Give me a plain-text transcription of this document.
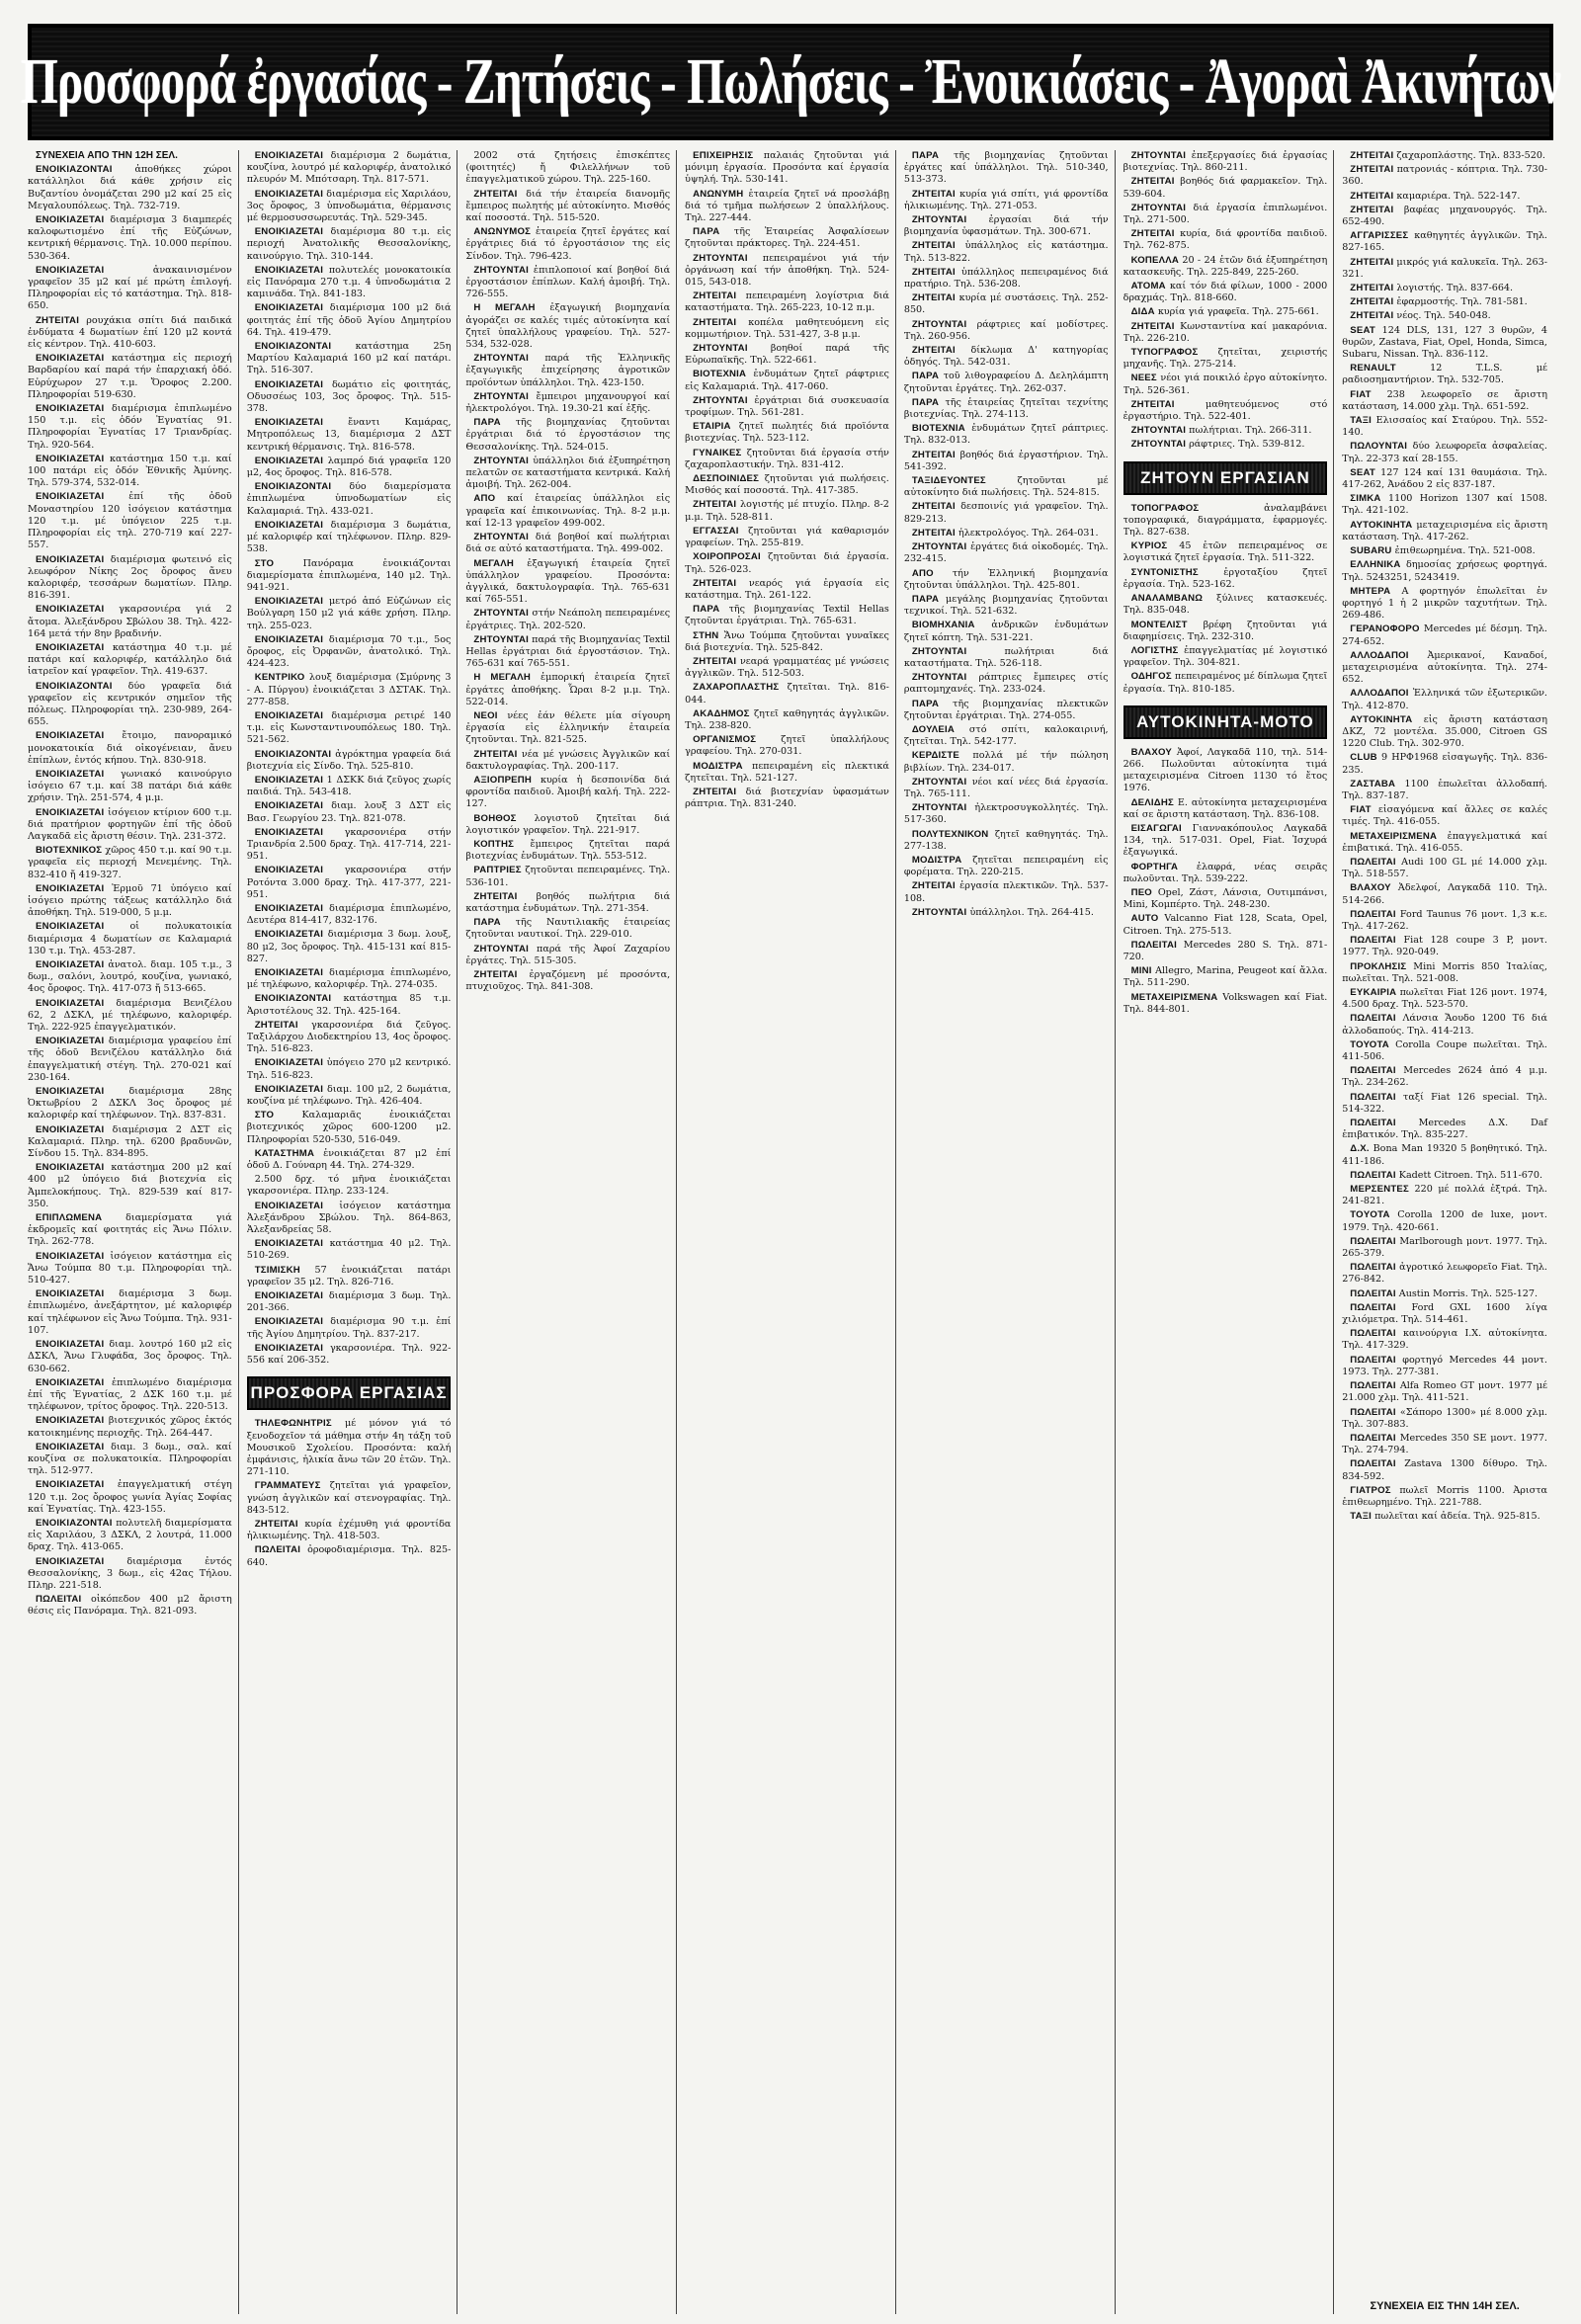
Προσφορά ἐργασίας - Ζητήσεις - Πωλήσεις - Ἐνοικιάσεις - Ἀγοραὶ Ἀκινήτων

ΣΥΝΕΧΕΙΑ ΑΠΟ ΤΗΝ 12Η ΣΕΛ.

ΕΝΟΙΚΙΑΖΟΝΤΑΙ ἀποθήκες χώροι κατάλληλοι διά κάθε χρήσιν εἰς Βυζαντίου ὀνομάζεται 290 μ2 καί 25 εἰς Μεγαλουπόλεως. Τηλ. 732-719.

ΕΝΟΙΚΙΑΖΕΤΑΙ διαμέρισμα 3 διαμπερές καλοφωτισμένο ἐπί τῆς Εὐζώνων, κεντρική θέρμανσις. Τηλ. 10.000 περίπου. 530-364.

ΕΝΟΙΚΙΑΖΕΤΑΙ	ἀνακαινισμένον γραφεῖον 35 μ2 καί μέ πρώτη ἐπιλογή. Πληροφορίαι εἰς τό κατάστημα. Τηλ. 818-650.

ΖΗΤΕΙΤΑΙ ρουχάκια σπίτι διά παιδικά ἐνδύματα 4 δωματίων ἐπί 120 μ2 κοντά εἰς κέντρον. Τηλ. 410-603.

ΕΝΟΙΚΙΑΖΕΤΑΙ κατάστημα εἰς περιοχή Βαρδαρίου καί παρά τήν ἐπαρχιακή ὁδό. Εὐρύχωρον 27 τ.μ. Ὄροφος 2.200. Πληροφορίαι 519-630.

ΕΝΟΙΚΙΑΖΕΤΑΙ διαμέρισμα ἐπιπλωμένο 150 τ.μ. εἰς ὁδόν Ἐγνατίας 91. Πληροφορίαι Ἐγνατίας 17 Τριανδρίας. Τηλ. 920-564.

ΕΝΟΙΚΙΑΖΕΤΑΙ κατάστημα 150 τ.μ. καί 100 πατάρι εἰς ὁδόν Ἐθνικῆς Ἀμύνης. Τηλ. 579-374, 532-014.

ΕΝΟΙΚΙΑΖΕΤΑΙ	ἐπί τῆς ὁδοῦ Μοναστηρίου 120 ἰσόγειον κατάστημα 120 τ.μ. μέ ὑπόγειον 225 τ.μ. Πληροφορίαι εἰς τηλ. 270-719 καί 227-557.

ΕΝΟΙΚΙΑΖΕΤΑΙ διαμέρισμα φωτεινό εἰς λεωφόρον Νίκης 2ος ὄροφος ἄνευ καλοριφέρ, τεσσάρων δωματίων. Πληρ. 816-391.

ΕΝΟΙΚΙΑΖΕΤΑΙ γκαρσονιέρα γιά 2 ἄτομα. Ἀλεξάνδρου Σβώλου 38. Τηλ. 422-164 μετά τήν 8ην βραδινήν.

ΕΝΟΙΚΙΑΖΕΤΑΙ κατάστημα 40 τ.μ. μέ πατάρι καί καλοριφέρ, κατάλληλο διά ἰατρεῖον καί γραφεῖον. Τηλ. 419-637.

ΕΝΟΙΚΙΑΖΟΝΤΑΙ δύο γραφεῖα διά γραφεῖον εἰς κεντρικόν σημεῖον τῆς πόλεως. Πληροφορίαι τηλ. 230-989, 264-655.

ΕΝΟΙΚΙΑΖΕΤΑΙ ἔτοιμο, πανοραμικό μονοκατοικία διά οἰκογένειαν, ἄνευ ἐπίπλων, ἐντός κήπου. Τηλ. 830-918.

ΕΝΟΙΚΙΑΖΕΤΑΙ γωνιακό καινούργιο ἰσόγειο 67 τ.μ. καί 38 πατάρι διά κάθε χρήσιν. Τηλ. 251-574, 4 μ.μ.

ΕΝΟΙΚΙΑΖΕΤΑΙ ἰσόγειον κτίριον 600 τ.μ. διά πρατήριον φορτηγῶν ἐπί τῆς ὁδοῦ Λαγκαδᾶ εἰς ἄριστη θέσιν. Τηλ. 231-372.

ΒΙΟΤΕΧΝΙΚΟΣ χῶρος 450 τ.μ. καί 90 τ.μ. γραφεῖα εἰς περιοχή Μενεμένης. Τηλ. 832-410 ἤ 419-327.

ΕΝΟΙΚΙΑΖΕΤΑΙ Ἐρμοῦ 71 ὑπόγειο καί ἰσόγειο πρώτης τάξεως κατάλληλο διά ἀποθήκη. Τηλ. 519-000, 5 μ.μ.

ΕΝΟΙΚΙΑΖΕΤΑΙ	οἱ πολυκατοικία διαμέρισμα 4 δωματίων σε Καλαμαριά 130 τ.μ. Τηλ. 453-287.

ΕΝΟΙΚΙΑΖΕΤΑΙ ἀνατολ. διαμ. 105 τ.μ., 3 δωμ., σαλόνι, λουτρό, κουζίνα, γωνιακό, 4ος ὄροφος. Τηλ. 417-073 ἤ 513-665.

ΕΝΟΙΚΙΑΖΕΤΑΙ διαμέρισμα Βενιζέλου 62, 2 ΔΣΚΛ, μέ τηλέφωνο, καλοριφέρ. Τηλ. 222-925 ἐπαγγελματικόν.

ΕΝΟΙΚΙΑΖΕΤΑΙ διαμέρισμα γραφείου ἐπί τῆς ὁδοῦ Βενιζέλου κατάλληλο διά ἐπαγγελματική στέγη. Τηλ. 270-021 καί 230-164.

ΕΝΟΙΚΙΑΖΕΤΑΙ	διαμέρισμα 28ης Ὀκτωβρίου 2 ΔΣΚΛ 3ος ὄροφος μέ καλοριφέρ καί τηλέφωνον. Τηλ. 837-831.

ΕΝΟΙΚΙΑΖΕΤΑΙ διαμέρισμα 2 ΔΣΤ εἰς Καλαμαριά. Πληρ. τηλ. 6200 βραδυνῶν, Σίνδου 15. Τηλ. 834-895.

ΕΝΟΙΚΙΑΖΕΤΑΙ κατάστημα 200 μ2 καί 400 μ2 ὑπόγειο διά βιοτεχνία εἰς Ἀμπελοκήπους. Τηλ. 829-539 καί 817-350.

ΕΠΙΠΛΩΜΕΝΑ διαμερίσματα γιά ἐκδρομεῖς καί φοιτητάς εἰς Ἄνω Πόλιν. Τηλ. 262-778.

ΕΝΟΙΚΙΑΖΕΤΑΙ ἰσόγειον κατάστημα εἰς Ἄνω Τούμπα 80 τ.μ. Πληροφορίαι τηλ. 510-427.

ΕΝΟΙΚΙΑΖΕΤΑΙ διαμέρισμα 3 δωμ. ἐπιπλωμένο, ἀνεξάρτητον, μέ καλοριφέρ καί τηλέφωνον εἰς Ἄνω Τούμπα. Τηλ. 931-107.

ΕΝΟΙΚΙΑΖΕΤΑΙ διαμ. λουτρό 160 μ2 εἰς ΔΣΚΛ, Ἄνω Γλυφάδα, 3ος ὄροφος. Τηλ. 630-662.

ΕΝΟΙΚΙΑΖΕΤΑΙ ἐπιπλωμένο διαμέρισμα ἐπί τῆς Ἐγνατίας, 2 ΔΣΚ 160 τ.μ. μέ τηλέφωνον, τρίτος ὄροφος. Τηλ. 220-513.

ΕΝΟΙΚΙΑΖΕΤΑΙ βιοτεχνικός χῶρος ἐκτός κατοικημένης περιοχῆς. Τηλ. 264-447.

ΕΝΟΙΚΙΑΖΕΤΑΙ διαμ. 3 δωμ., σαλ. καί κουζίνα σε πολυκατοικία. Πληροφορίαι τηλ. 512-977.

ΕΝΟΙΚΙΑΖΕΤΑΙ ἐπαγγελματική στέγη 120 τ.μ. 2ος ὄροφος γωνία Ἀγίας Σοφίας καί Ἐγνατίας. Τηλ. 423-155.

ΕΝΟΙΚΙΑΖΟΝΤΑΙ πολυτελῆ διαμερίσματα εἰς Χαριλάου, 3 ΔΣΚΛ, 2 λουτρά, 11.000 δραχ. Τηλ. 413-065.

ΕΝΟΙΚΙΑΖΕΤΑΙ διαμέρισμα ἐντός Θεσσαλονίκης, 3 δωμ., εἰς 42ας Τήλου. Πληρ. 221-518.

ΠΩΛΕΙΤΑΙ οἰκόπεδον 400 μ2 ἄριστη θέσις εἰς Πανόραμα. Τηλ. 821-093.

ΕΝΟΙΚΙΑΖΕΤΑΙ διαμέρισμα 2 δωμάτια, κουζίνα, λουτρό μέ καλοριφέρ, ἀνατολικό πλευρόν Μ. Μπότσαρη. Τηλ. 817-571.

ΕΝΟΙΚΙΑΖΕΤΑΙ διαμέρισμα εἰς Χαριλάου, 3ος ὄροφος, 3 ὑπνοδωμάτια, θέρμανσις μέ θερμοσυσσωρευτάς. Τηλ. 529-345.

ΕΝΟΙΚΙΑΖΕΤΑΙ διαμέρισμα 80 τ.μ. εἰς περιοχή Ἀνατολικῆς Θεσσαλονίκης, καινούργιο. Τηλ. 310-144.

ΕΝΟΙΚΙΑΖΕΤΑΙ πολυτελές μονοκατοικία εἰς Πανόραμα 270 τ.μ. 4 ὑπνοδωμάτια 2 καμινάδα. Τηλ. 841-183.

ΕΝΟΙΚΙΑΖΕΤΑΙ διαμέρισμα 100 μ2 διά φοιτητάς ἐπί τῆς ὁδοῦ Ἀγίου Δημητρίου 64. Τηλ. 419-479.

ΕΝΟΙΚΙΑΖΟΝΤΑΙ	κατάστημα 25η Μαρτίου Καλαμαριά 160 μ2 καί πατάρι. Τηλ. 516-307.

ΕΝΟΙΚΙΑΖΕΤΑΙ δωμάτιο εἰς φοιτητάς, Οδυσσέως 103, 3ος ὄροφος. Τηλ. 515-378.

ΕΝΟΙΚΙΑΖΕΤΑΙ	ἔναντι Καμάρας, Μητροπόλεως 13, διαμέρισμα 2 ΔΣΤ κεντρική θέρμανσις. Τηλ. 816-578.

ΕΝΟΙΚΙΑΖΕΤΑΙ λαμπρό διά γραφεῖα 120 μ2, 4ος ὄροφος. Τηλ. 816-578.

ΕΝΟΙΚΙΑΖΟΝΤΑΙ δύο διαμερίσματα ἐπιπλωμένα ὑπνοδωματίων εἰς Καλαμαριά. Τηλ. 433-021.

ΕΝΟΙΚΙΑΖΕΤΑΙ διαμέρισμα 3 δωμάτια, μέ καλοριφέρ καί τηλέφωνον. Πληρ. 829-538.

ΣΤΟ	Πανόραμα ἐνοικιάζονται διαμερίσματα ἐπιπλωμένα, 140 μ2. Τηλ. 941-921.

ΕΝΟΙΚΙΑΖΕΤΑΙ μετρό ἀπό Εὐζώνων εἰς Βούλγαρη 150 μ2 γιά κάθε χρήση. Πληρ. τηλ. 255-023.

ΕΝΟΙΚΙΑΖΕΤΑΙ διαμέρισμα 70 τ.μ., 5ος ὄροφος, εἰς Ὀρφανῶν, ἀνατολικό. Τηλ. 424-423.

ΚΕΝΤΡΙΚΟ λουξ διαμέρισμα (Σμύρνης 3 - Α. Πύργου) ἐνοικιάζεται 3 ΔΣΤΑΚ. Τηλ. 277-858.

ΕΝΟΙΚΙΑΖΕΤΑΙ διαμέρισμα ρετιρέ 140 τ.μ. εἰς Κωνσταντινουπόλεως 180. Τηλ. 521-562.

ΕΝΟΙΚΙΑΖΟΝΤΑΙ ἀγρόκτημα γραφεία διά βιοτεχνία εἰς Σίνδο. Τηλ. 525-810.

ΕΝΟΙΚΙΑΖΕΤΑΙ 1 ΔΣΚΚ διά ζεῦγος χωρίς παιδιά. Τηλ. 543-418.

ΕΝΟΙΚΙΑΖΕΤΑΙ διαμ. λουξ 3 ΔΣΤ εἰς Βασ. Γεωργίου 23. Τηλ. 821-078.

ΕΝΟΙΚΙΑΖΕΤΑΙ γκαρσονιέρα στήν Τριανδρία 2.500 δραχ. Τηλ. 417-714, 221-951.

ΕΝΟΙΚΙΑΖΕΤΑΙ γκαρσονιέρα στήν Ροτόντα 3.000 δραχ. Τηλ. 417-377, 221-951.

ΕΝΟΙΚΙΑΖΕΤΑΙ διαμέρισμα ἐπιπλωμένο, Δευτέρα 814-417, 832-176.

ΕΝΟΙΚΙΑΖΕΤΑΙ διαμέρισμα 3 δωμ. λουξ, 80 μ2, 3ος ὄροφος. Τηλ. 415-131 καί 815-827.

ΕΝΟΙΚΙΑΖΕΤΑΙ διαμέρισμα ἐπιπλωμένο, μέ τηλέφωνο, καλοριφέρ. Τηλ. 274-035.

ΕΝΟΙΚΙΑΖΟΝΤΑΙ κατάστημα 85 τ.μ. Ἀριστοτέλους 32. Τηλ. 425-164.

ΖΗΤΕΙΤΑΙ γκαρσονιέρα διά ζεῦγος. Ταξιλάρχου Διοδεκτηρίου 13, 4ος ὄροφος. Τηλ. 516-823.

ΕΝΟΙΚΙΑΖΕΤΑΙ ὑπόγειο 270 μ2 κεντρικό. Τηλ. 516-823.

ΕΝΟΙΚΙΑΖΕΤΑΙ διαμ. 100 μ2, 2 δωμάτια, κουζίνα μέ τηλέφωνο. Τηλ. 426-404.

ΣΤΟ	Καλαμαριᾶς ἐνοικιάζεται βιοτεχνικός χῶρος 600-1200 μ2. Πληροφορίαι 520-530, 516-049.

ΚΑΤΑΣΤΗΜΑ ἐνοικιάζεται 87 μ2 ἐπί ὁδοῦ Δ. Γούναρη 44. Τηλ. 274-329.

2.500 δρχ. τό μῆνα ἐνοικιάζεται γκαρσονιέρα. Πληρ. 233-124.

ΕΝΟΙΚΙΑΖΕΤΑΙ ἰσόγειον κατάστημα Ἀλεξάνδρου Σβώλου. Τηλ. 864-863, Ἀλεξανδρείας 58.

ΕΝΟΙΚΙΑΖΕΤΑΙ κατάστημα 40 μ2. Τηλ. 510-269.

ΤΣΙΜΙΣΚΗ 57 ἐνοικιάζεται πατάρι γραφεῖον 35 μ2. Τηλ. 826-716.

ΕΝΟΙΚΙΑΖΕΤΑΙ διαμέρισμα 3 δωμ. Τηλ. 201-366.

ΕΝΟΙΚΙΑΖΕΤΑΙ διαμέρισμα 90 τ.μ. ἐπί τῆς Ἀγίου Δημητρίου. Τηλ. 837-217.

ΕΝΟΙΚΙΑΖΕΤΑΙ γκαρσονιέρα. Τηλ. 922-556 καί 206-352.

ΠΡΟΣΦΟΡΑ ΕΡΓΑΣΙΑΣ

ΤΗΛΕΦΩΝΗΤΡΙΣ μέ μόνον γιά τό ξενοδοχεῖον τά μάθημα στήν 4η τάξη τοῦ Μουσικοῦ Σχολείου. Προσόντα: καλή ἐμφάνισις, ἡλικία ἄνω τῶν 20 ἐτῶν. Τηλ. 271-110.

ΓΡΑΜΜΑΤΕΥΣ ζητεῖται γιά γραφεῖον, γνώση ἀγγλικῶν καί στενογραφίας. Τηλ. 843-512.

ΖΗΤΕΙΤΑΙ κυρία ἐχέμυθη γιά φροντίδα ἡλικιωμένης. Τηλ. 418-503.

ΠΩΛΕΙΤΑΙ ὀροφοδιαμέρισμα. Τηλ. 825-640.

2002 στά ζητήσεις ἐπισκέπτες (φοιτητές) ἤ Φιλελλήνων τοῦ ἐπαγγελματικοῦ χώρου. Τηλ. 225-160.

ΖΗΤΕΙΤΑΙ διά τήν ἑταιρεία διανομῆς ἔμπειρος πωλητής μέ αὐτοκίνητο. Μισθός καί ποσοστά. Τηλ. 515-520.

ΑΝΩΝΥΜΟΣ ἑταιρεία ζητεῖ ἐργάτες καί ἐργάτριες διά τό ἐργοστάσιον της εἰς Σίνδον. Τηλ. 796-423.

ΖΗΤΟΥΝΤΑΙ ἐπιπλοποιοί καί βοηθοί διά ἐργοστάσιον ἐπίπλων. Καλή ἀμοιβή. Τηλ. 726-555.

Η ΜΕΓΑΛΗ ἐξαγωγική βιομηχανία ἀγοράζει σε καλές τιμές αὐτοκίνητα καί ζητεῖ ὑπαλλήλους γραφείου. Τηλ. 527-534, 532-028.

ΖΗΤΟΥΝΤΑΙ παρά τῆς Ἑλληνικῆς ἐξαγωγικῆς ἐπιχείρησης ἀγροτικῶν προϊόντων ὑπάλληλοι. Τηλ. 423-150.

ΖΗΤΟΥΝΤΑΙ ἔμπειροι μηχανουργοί καί ἠλεκτρολόγοι. Τηλ. 19.30-21 καί ἑξῆς.

ΠΑΡΑ τῆς βιομηχανίας ζητοῦνται ἐργάτριαι διά τό ἐργοστάσιον της Θεσσαλονίκης. Τηλ. 524-015.

ΖΗΤΟΥΝΤΑΙ ὑπάλληλοι διά ἐξυπηρέτηση πελατῶν σε καταστήματα κεντρικά. Καλή ἀμοιβή. Τηλ. 262-004.

ΑΠΟ καί ἑταιρείας ὑπάλληλοι εἰς γραφεῖα καί ἐπικοινωνίας. Τηλ. 8-2 μ.μ. καί 12-13 γραφεῖον 499-002.

ΖΗΤΟΥΝΤΑΙ διά βοηθοί καί πωλήτριαι διά σε αὐτό καταστήματα. Τηλ. 499-002.

ΜΕΓΑΛΗ ἐξαγωγική ἑταιρεία ζητεῖ ὑπάλληλον γραφείου. Προσόντα: ἀγγλικά, δακτυλογραφία. Τηλ. 765-631 καί 765-551.

ΖΗΤΟΥΝΤΑΙ στήν Νεάπολη πεπειραμένες ἐργάτριες. Τηλ. 202-520.

ΖΗΤΟΥΝΤΑΙ παρά τῆς Βιομηχανίας Textil Hellas ἐργάτριαι διά ἐργοστάσιον. Τηλ. 765-631 καί 765-551.

Η ΜΕΓΑΛΗ ἐμπορική ἑταιρεία ζητεῖ ἐργάτες ἀποθήκης. Ὧραι 8-2 μ.μ. Τηλ. 522-014.

ΝΕΟΙ νέες ἐάν θέλετε μία σίγουρη ἐργασία εἰς ἑλληνικήν ἑταιρεία ζητοῦνται. Τηλ. 821-525.

ΖΗΤΕΙΤΑΙ νέα μέ γνώσεις Ἀγγλικῶν καί δακτυλογραφίας. Τηλ. 200-117.

ΑΞΙΟΠΡΕΠΗ κυρία ἡ δεσποινίδα διά φροντίδα παιδιοῦ. Ἀμοιβή καλή. Τηλ. 222-127.

ΒΟΗΘΟΣ λογιστοῦ ζητεῖται διά λογιστικόν γραφεῖον. Τηλ. 221-917.

ΚΟΠΤΗΣ ἔμπειρος ζητεῖται παρά βιοτεχνίας ἐνδυμάτων. Τηλ. 553-512.

ΡΑΠΤΡΙΕΣ ζητοῦνται πεπειραμένες. Τηλ. 536-101.

ΖΗΤΕΙΤΑΙ βοηθός πωλήτρια διά κατάστημα ἐνδυμάτων. Τηλ. 271-354.

ΠΑΡΑ τῆς Ναυτιλιακῆς ἑταιρείας ζητοῦνται ναυτικοί. Τηλ. 229-010.

ΖΗΤΟΥΝΤΑΙ παρά τῆς Ἀφοί Ζαχαρίου ἐργάτες. Τηλ. 515-305.

ΖΗΤΕΙΤΑΙ ἐργαζόμενη μέ προσόντα, πτυχιοῦχος. Τηλ. 841-308.

ΕΠΙΧΕΙΡΗΣΙΣ παλαιάς ζητοῦνται γιά μόνιμη ἐργασία. Προσόντα καί ἐργασία ὑψηλή. Τηλ. 530-141.

ΑΝΩΝΥΜΗ ἑταιρεία ζητεῖ νά προσλάβῃ διά τό τμῆμα πωλήσεων 2 ὑπαλλήλους. Τηλ. 227-444.

ΠΑΡΑ τῆς Ἑταιρείας Ἀσφαλίσεων ζητοῦνται πράκτορες. Τηλ. 224-451.

ΖΗΤΟΥΝΤΑΙ πεπειραμένοι γιά τήν ὀργάνωση καί τήν ἀποθήκη. Τηλ. 524-015, 543-018.

ΖΗΤΕΙΤΑΙ πεπειραμένη λογίστρια διά καταστήματα. Τηλ. 265-223, 10-12 π.μ.

ΖΗΤΕΙΤΑΙ κοπέλα μαθητευόμενη εἰς κομμωτήριον. Τηλ. 531-427, 3-8 μ.μ.

ΖΗΤΟΥΝΤΑΙ βοηθοί παρά τῆς Εὐρωπαϊκῆς. Τηλ. 522-661.

ΒΙΟΤΕΧΝΙΑ ἐνδυμάτων ζητεῖ ράφτριες εἰς Καλαμαριά. Τηλ. 417-060.

ΖΗΤΟΥΝΤΑΙ ἐργάτριαι διά συσκευασία τροφίμων. Τηλ. 561-281.

ΕΤΑΙΡΙΑ ζητεῖ πωλητές διά προϊόντα βιοτεχνίας. Τηλ. 523-112.

ΓΥΝΑΙΚΕΣ ζητοῦνται διά ἐργασία στήν ζαχαροπλαστικήν. Τηλ. 831-412.

ΔΕΣΠΟΙΝΙΔΕΣ ζητοῦνται γιά πωλήσεις. Μισθός καί ποσοστά. Τηλ. 417-385.

ΖΗΤΕΙΤΑΙ λογιστής μέ πτυχίο. Πληρ. 8-2 μ.μ. Τηλ. 528-811.

ΕΓΓΑΣΣΑΙ ζητοῦνται γιά καθαρισμόν γραφείων. Τηλ. 255-819.

ΧΟΙΡΟΠΡΟΣΑΙ ζητοῦνται διά ἐργασία. Τηλ. 526-023.

ΖΗΤΕΙΤΑΙ νεαρός γιά ἐργασία εἰς κατάστημα. Τηλ. 261-122.

ΠΑΡΑ τῆς βιομηχανίας Textil Hellas ζητοῦνται ἐργάτριαι. Τηλ. 765-631.

ΣΤΗΝ Ἄνω Τούμπα ζητοῦνται γυναῖκες διά βιοτεχνία. Τηλ. 525-842.

ΖΗΤΕΙΤΑΙ νεαρά γραμματέας μέ γνώσεις ἀγγλικῶν. Τηλ. 512-503.

ΖΑΧΑΡΟΠΛΑΣΤΗΣ ζητεῖται. Τηλ. 816-044.

ΑΚΑΔΗΜΟΣ ζητεῖ καθηγητάς ἀγγλικῶν. Τηλ. 238-820.

ΟΡΓΑΝΙΣΜΟΣ	ζητεῖ ὑπαλλήλους γραφείου. Τηλ. 270-031.

ΜΟΔΙΣΤΡΑ πεπειραμένη εἰς πλεκτικά ζητεῖται. Τηλ. 521-127.

ΖΗΤΕΙΤΑΙ διά βιοτεχνίαν ὑφασμάτων ράπτρια. Τηλ. 831-240.

ΠΑΡΑ τῆς βιομηχανίας ζητοῦνται ἐργάτες καί ὑπάλληλοι. Τηλ. 510-340, 513-373.

ΖΗΤΕΙΤΑΙ κυρία γιά σπίτι, γιά φροντίδα ἡλικιωμένης. Τηλ. 271-053.

ΖΗΤΟΥΝΤΑΙ ἐργασίαι διά τήν βιομηχανία ὑφασμάτων. Τηλ. 300-671.

ΖΗΤΕΙΤΑΙ ὑπάλληλος εἰς κατάστημα. Τηλ. 513-822.

ΖΗΤΕΙΤΑΙ ὑπάλληλος πεπειραμένος διά πρατήριο. Τηλ. 536-208.

ΖΗΤΕΙΤΑΙ κυρία μέ συστάσεις. Τηλ. 252-850.

ΖΗΤΟΥΝΤΑΙ ράφτριες καί μοδίστρες. Τηλ. 260-956.

ΖΗΤΕΙΤΑΙ δίκλωμα Δ' κατηγορίας ὁδηγός. Τηλ. 542-031.

ΠΑΡΑ τοῦ λιθογραφείου Δ. Δεληλάμπτη ζητοῦνται ἐργάτες. Τηλ. 262-037.

ΠΑΡΑ τῆς ἑταιρείας ζητεῖται τεχνίτης βιοτεχνίας. Τηλ. 274-113.

ΒΙΟΤΕΧΝΙΑ ἐνδυμάτων ζητεῖ ράπτριες. Τηλ. 832-013.

ΖΗΤΕΙΤΑΙ βοηθός διά ἐργαστήριον. Τηλ. 541-392.

ΤΑΞΙΔΕΥΟΝΤΕΣ	ζητοῦνται μέ αὐτοκίνητο διά πωλήσεις. Τηλ. 524-815.

ΖΗΤΕΙΤΑΙ δεσποινίς γιά γραφεῖον. Τηλ. 829-213.

ΖΗΤΕΙΤΑΙ ἡλεκτρολόγος. Τηλ. 264-031.

ΖΗΤΟΥΝΤΑΙ ἐργάτες διά οἰκοδομές. Τηλ. 232-415.

ΑΠΟ τήν Ἑλληνική βιομηχανία ζητοῦνται ὑπάλληλοι. Τηλ. 425-801.

ΠΑΡΑ μεγάλης βιομηχανίας ζητοῦνται τεχνικοί. Τηλ. 521-632.

ΒΙΟΜΗΧΑΝΙΑ ἀνδρικῶν ἐνδυμάτων ζητεῖ κόπτη. Τηλ. 531-221.

ΖΗΤΟΥΝΤΑΙ	πωλήτριαι διά καταστήματα. Τηλ. 526-118.

ΖΗΤΟΥΝΤΑΙ ράπτριες ἔμπειρες στίς ραπτομηχανές. Τηλ. 233-024.

ΠΑΡΑ τῆς βιομηχανίας πλεκτικῶν ζητοῦνται ἐργάτριαι. Τηλ. 274-055.

ΔΟΥΛΕΙΑ στό σπίτι, καλοκαιρινή, ζητεῖται. Τηλ. 542-177.

ΚΕΡΔΙΣΤΕ πολλά μέ τήν πώληση βιβλίων. Τηλ. 234-017.

ΖΗΤΟΥΝΤΑΙ νέοι καί νέες διά ἐργασία. Τηλ. 765-111.

ΖΗΤΟΥΝΤΑΙ ἠλεκτροσυγκολλητές. Τηλ. 517-360.

ΠΟΛΥΤΕΧΝΙΚΟΝ ζητεῖ καθηγητάς. Τηλ. 277-138.

ΜΟΔΙΣΤΡΑ ζητεῖται πεπειραμένη εἰς φορέματα. Τηλ. 220-215.

ΖΗΤΕΙΤΑΙ ἐργασία πλεκτικῶν. Τηλ. 537-108.

ΖΗΤΟΥΝΤΑΙ ὑπάλληλοι. Τηλ. 264-415.

ΖΗΤΟΥΝΤΑΙ ἐπεξεργασίες διά ἐργασίας βιοτεχνίας. Τηλ. 860-211.

ΖΗΤΕΙΤΑΙ βοηθός διά φαρμακεῖον. Τηλ. 539-604.

ΖΗΤΟΥΝΤΑΙ διά ἐργασία ἐπιπλωμένοι. Τηλ. 271-500.

ΖΗΤΕΙΤΑΙ κυρία, διά φροντίδα παιδιοῦ. Τηλ. 762-875.

ΚΟΠΕΛΛΑ 20 - 24 ἐτῶν διά ἐξυπηρέτηση κατασκευῆς. Τηλ. 225-849, 225-260.

ΑΤΟΜΑ καί τόν διά φίλων, 1000 - 2000 δραχμάς. Τηλ. 818-660.

ΔΙΔΑ κυρία γιά γραφεῖα. Τηλ. 275-661.

ΖΗΤΕΙΤΑΙ Κωνσταντίνα καί μακαρόνια. Τηλ. 226-210.

ΤΥΠΟΓΡΑΦΟΣ ζητεῖται, χειριστής μηχανῆς. Τηλ. 275-214.

ΝΕΕΣ νέοι γιά ποικιλό ἐργο αὐτοκίνητο. Τηλ. 526-361.

ΖΗΤΕΙΤΑΙ	μαθητευόμενος στό ἐργαστήριο. Τηλ. 522-401.

ΖΗΤΟΥΝΤΑΙ πωλήτριαι. Τηλ. 266-311.

ΖΗΤΟΥΝΤΑΙ ράφτριες. Τηλ. 539-812.

ΖΗΤΟΥΝ ΕΡΓΑΣΙΑΝ

ΤΟΠΟΓΡΑΦΟΣ	ἀναλαμβάνει τοπογραφικά, διαγράμματα, ἐφαρμογές. Τηλ. 827-638.

ΚΥΡΙΟΣ 45 ἐτῶν πεπειραμένος σε λογιστικά ζητεῖ ἐργασία. Τηλ. 511-322.

ΣΥΝΤΟΝΙΣΤΗΣ	ἐργοταξίου ζητεῖ ἐργασία. Τηλ. 523-162.

ΑΝΑΛΑΜΒΑΝΩ ξύλινες κατασκευές. Τηλ. 835-048.

ΜΟΝΤΕΛΙΣΤ βρέφη ζητοῦνται γιά διαφημίσεις. Τηλ. 232-310.

ΛΟΓΙΣΤΗΣ ἐπαγγελματίας μέ λογιστικό γραφεῖον. Τηλ. 304-821.

ΟΔΗΓΟΣ πεπειραμένος μέ δίπλωμα ζητεῖ ἐργασία. Τηλ. 810-185.

ΑΥΤΟΚΙΝΗΤΑ-ΜΟΤΟ

ΒΛΑΧΟΥ Ἀφοί, Λαγκαδᾶ 110, τηλ. 514-266. Πωλοῦνται αὐτοκίνητα τιμά μεταχειρισμένα Citroen 1130 τό ἔτος 1976.

ΔΕΛΙΔΗΣ Ε. αὐτοκίνητα μεταχειρισμένα καί σε ἄριστη κατάσταση. Τηλ. 836-108.

ΕΙΣΑΓΩΓΑΙ Γιαννακόπουλος Λαγκαδᾶ 134, τηλ. 517-031. Opel, Fiat. Ἰσχυρά ἐξαγωγικά.

ΦΟΡΤΗΓΑ ἐλαφρά, νέας σειρᾶς πωλοῦνται. Τηλ. 539-222.

ΠΕΟ Opel, Ζάστ, Λάνσια, Ουτιμπάνσι, Mini, Κομπέρτο. Τηλ. 248-230.

AUTO Valcanno Fiat 128, Scata, Opel, Citroen. Τηλ. 275-513.

ΠΩΛΕΙΤΑΙ Mercedes 280 S. Τηλ. 871-720.

MINI Allegro, Marina, Peugeot καί ἄλλα. Τηλ. 511-290.

ΜΕΤΑΧΕΙΡΙΣΜΕΝΑ Volkswagen καί Fiat. Τηλ. 844-801.

ΖΗΤΕΙΤΑΙ ζαχαροπλάστης. Τηλ. 833-520.

ΖΗΤΕΙΤΑΙ πατρονιάς - κόπτρια. Τηλ. 730-360.

ΖΗΤΕΙΤΑΙ καμαριέρα. Τηλ. 522-147.

ΖΗΤΕΙΤΑΙ βαφέας μηχανουργός. Τηλ. 652-490.

ΑΓΓΑΡΙΣΣΕΣ καθηγητές ἀγγλικῶν. Τηλ. 827-165.

ΖΗΤΕΙΤΑΙ μικρός γιά καλυκεῖα. Τηλ. 263-321.

ΖΗΤΕΙΤΑΙ λογιστής. Τηλ. 837-664.

ΖΗΤΕΙΤΑΙ ἐφαρμοστής. Τηλ. 781-581.

ΖΗΤΕΙΤΑΙ νέος. Τηλ. 540-048.

SEAT 124 DLS, 131, 127 3 θυρῶν, 4 θυρῶν, Zastava, Fiat, Opel, Honda, Simca, Subaru, Nissan. Τηλ. 836-112.

RENAULT	12 T.L.S. μέ ραδιοσημαντήριον. Τηλ. 532-705.

FIAT 238 λεωφορεῖο σε ἄριστη κατάσταση, 14.000 χλμ. Τηλ. 651-592.

ΤΑΞΙ Ελισσαίος καί Σταύρου. Τηλ. 552-140.

ΠΩΛΟΥΝΤΑΙ δύο λεωφορεῖα ἀσφαλείας. Τηλ. 22-373 καί 28-155.

SEAT 127 124 καί 131 θαυμάσια. Τηλ. 417-262, Ἀνάδου 2 εἰς 837-187.

ΣΙΜΚΑ 1100 Horizon 1307 καί 1508. Τηλ. 421-102.

ΑΥΤΟΚΙΝΗΤΑ μεταχειρισμένα εἰς ἄριστη κατάσταση. Τηλ. 417-262.

SUBARU ἐπιθεωρημένα. Τηλ. 521-008.

ΕΛΛΗΝΙΚΑ δημοσίας χρήσεως φορτηγά. Τηλ. 5243251, 5243419.

ΜΗΤΕΡΑ Α φορτηγόν ἐπωλεῖται ἐν φορτηγό 1 ἡ 2 μικρῶν ταχυτήτων. Τηλ. 269-486.

ΓΕΡΑΝΟΦΟΡΟ Mercedes μέ δέσμη. Τηλ. 274-652.

ΑΛΛΟΔΑΠΟΙ Ἀμερικανοί, Καναδοί, μεταχειρισμένα αὐτοκίνητα. Τηλ. 274-652.

ΑΛΛΟΔΑΠΟΙ Ἑλληνικά τῶν ἐξωτερικῶν. Τηλ. 412-870.

ΑΥΤΟΚΙΝΗΤΑ εἰς ἄριστη κατάσταση ΔΚΖ, 72 μοντέλα. 35.000, Citroen GS 1220 Club. Τηλ. 302-970.

CLUB 9 ΗΡΦ1968 εἰσαγωγῆς. Τηλ. 836-235.

ΖΑΣΤΑΒΑ 1100 ἐπωλεῖται ἀλλοδαπή. Τηλ. 837-187.

FIAT εἰσαγόμενα καί ἄλλες σε καλές τιμές. Τηλ. 416-055.

ΜΕΤΑΧΕΙΡΙΣΜΕΝΑ ἐπαγγελματικά καί ἐπιβατικά. Τηλ. 416-055.

ΠΩΛΕΙΤΑΙ Audi 100 GL μέ 14.000 χλμ. Τηλ. 518-557.

ΒΛΑΧΟΥ Ἀδελφοί, Λαγκαδᾶ 110. Τηλ. 514-266.

ΠΩΛΕΙΤΑΙ Ford Taunus 76 μοντ. 1,3 κ.ε. Τηλ. 417-262.

ΠΩΛΕΙΤΑΙ Fiat 128 coupe 3 P, μοντ. 1977. Τηλ. 920-049.

ΠΡΟΚΛΗΣΙΣ Mini Morris 850 Ἰταλίας, πωλεῖται. Τηλ. 521-008.

ΕΥΚΑΙΡΙΑ πωλεῖται Fiat 126 μοντ. 1974, 4.500 δραχ. Τηλ. 523-570.

ΠΩΛΕΙΤΑΙ Λάνσια Ἄουδο 1200 T6 διά ἀλλοδαπούς. Τηλ. 414-213.

ΤΟΥΟΤΑ Corolla Coupe πωλεῖται. Τηλ. 411-506.

ΠΩΛΕΙΤΑΙ Mercedes 2624 ἀπό 4 μ.μ. Τηλ. 234-262.

ΠΩΛΕΙΤΑΙ ταξί Fiat 126 special. Τηλ. 514-322.

ΠΩΛΕΙΤΑΙ Mercedes Δ.Χ. Daf ἐπιβατικόν. Τηλ. 835-227.

Δ.Χ. Bona Man 19320 5 βοηθητικό. Τηλ. 411-186.

ΠΩΛΕΙΤΑΙ Kadett Citroen. Τηλ. 511-670.

ΜΕΡΣΕΝΤΕΣ 220 μέ πολλά ἐξτρά. Τηλ. 241-821.

TOYOTA Corolla 1200 de luxe, μοντ. 1979. Τηλ. 420-661.

ΠΩΛΕΙΤΑΙ Marlborough μοντ. 1977. Τηλ. 265-379.

ΠΩΛΕΙΤΑΙ ἀγροτικό λεωφορεῖο Fiat. Τηλ. 276-842.

ΠΩΛΕΙΤΑΙ Austin Morris. Τηλ. 525-127.

ΠΩΛΕΙΤΑΙ Ford GXL 1600 λίγα χιλιόμετρα. Τηλ. 514-461.

ΠΩΛΕΙΤΑΙ καινούργια I.X. αὐτοκίνητα. Τηλ. 417-329.

ΠΩΛΕΙΤΑΙ φορτηγό Mercedes 44 μοντ. 1973. Τηλ. 277-381.

ΠΩΛΕΙΤΑΙ Alfa Romeo GT μοντ. 1977 μέ 21.000 χλμ. Τηλ. 411-521.

ΠΩΛΕΙΤΑΙ «Σάπορο 1300» μέ 8.000 χλμ. Τηλ. 307-883.

ΠΩΛΕΙΤΑΙ Mercedes 350 SE μοντ. 1977. Τηλ. 274-794.

ΠΩΛΕΙΤΑΙ Zastava 1300 δίθυρο. Τηλ. 834-592.

ΓΙΑΤΡΟΣ πωλεῖ Morris 1100. Ἀριστα ἐπιθεωρημένο. Τηλ. 221-788.

ΤΑΞΙ πωλεῖται καί ἀδεία. Τηλ. 925-815.

ΣΥΝΕΧΕΙΑ ΕΙΣ ΤΗΝ 14Η ΣΕΛ.
